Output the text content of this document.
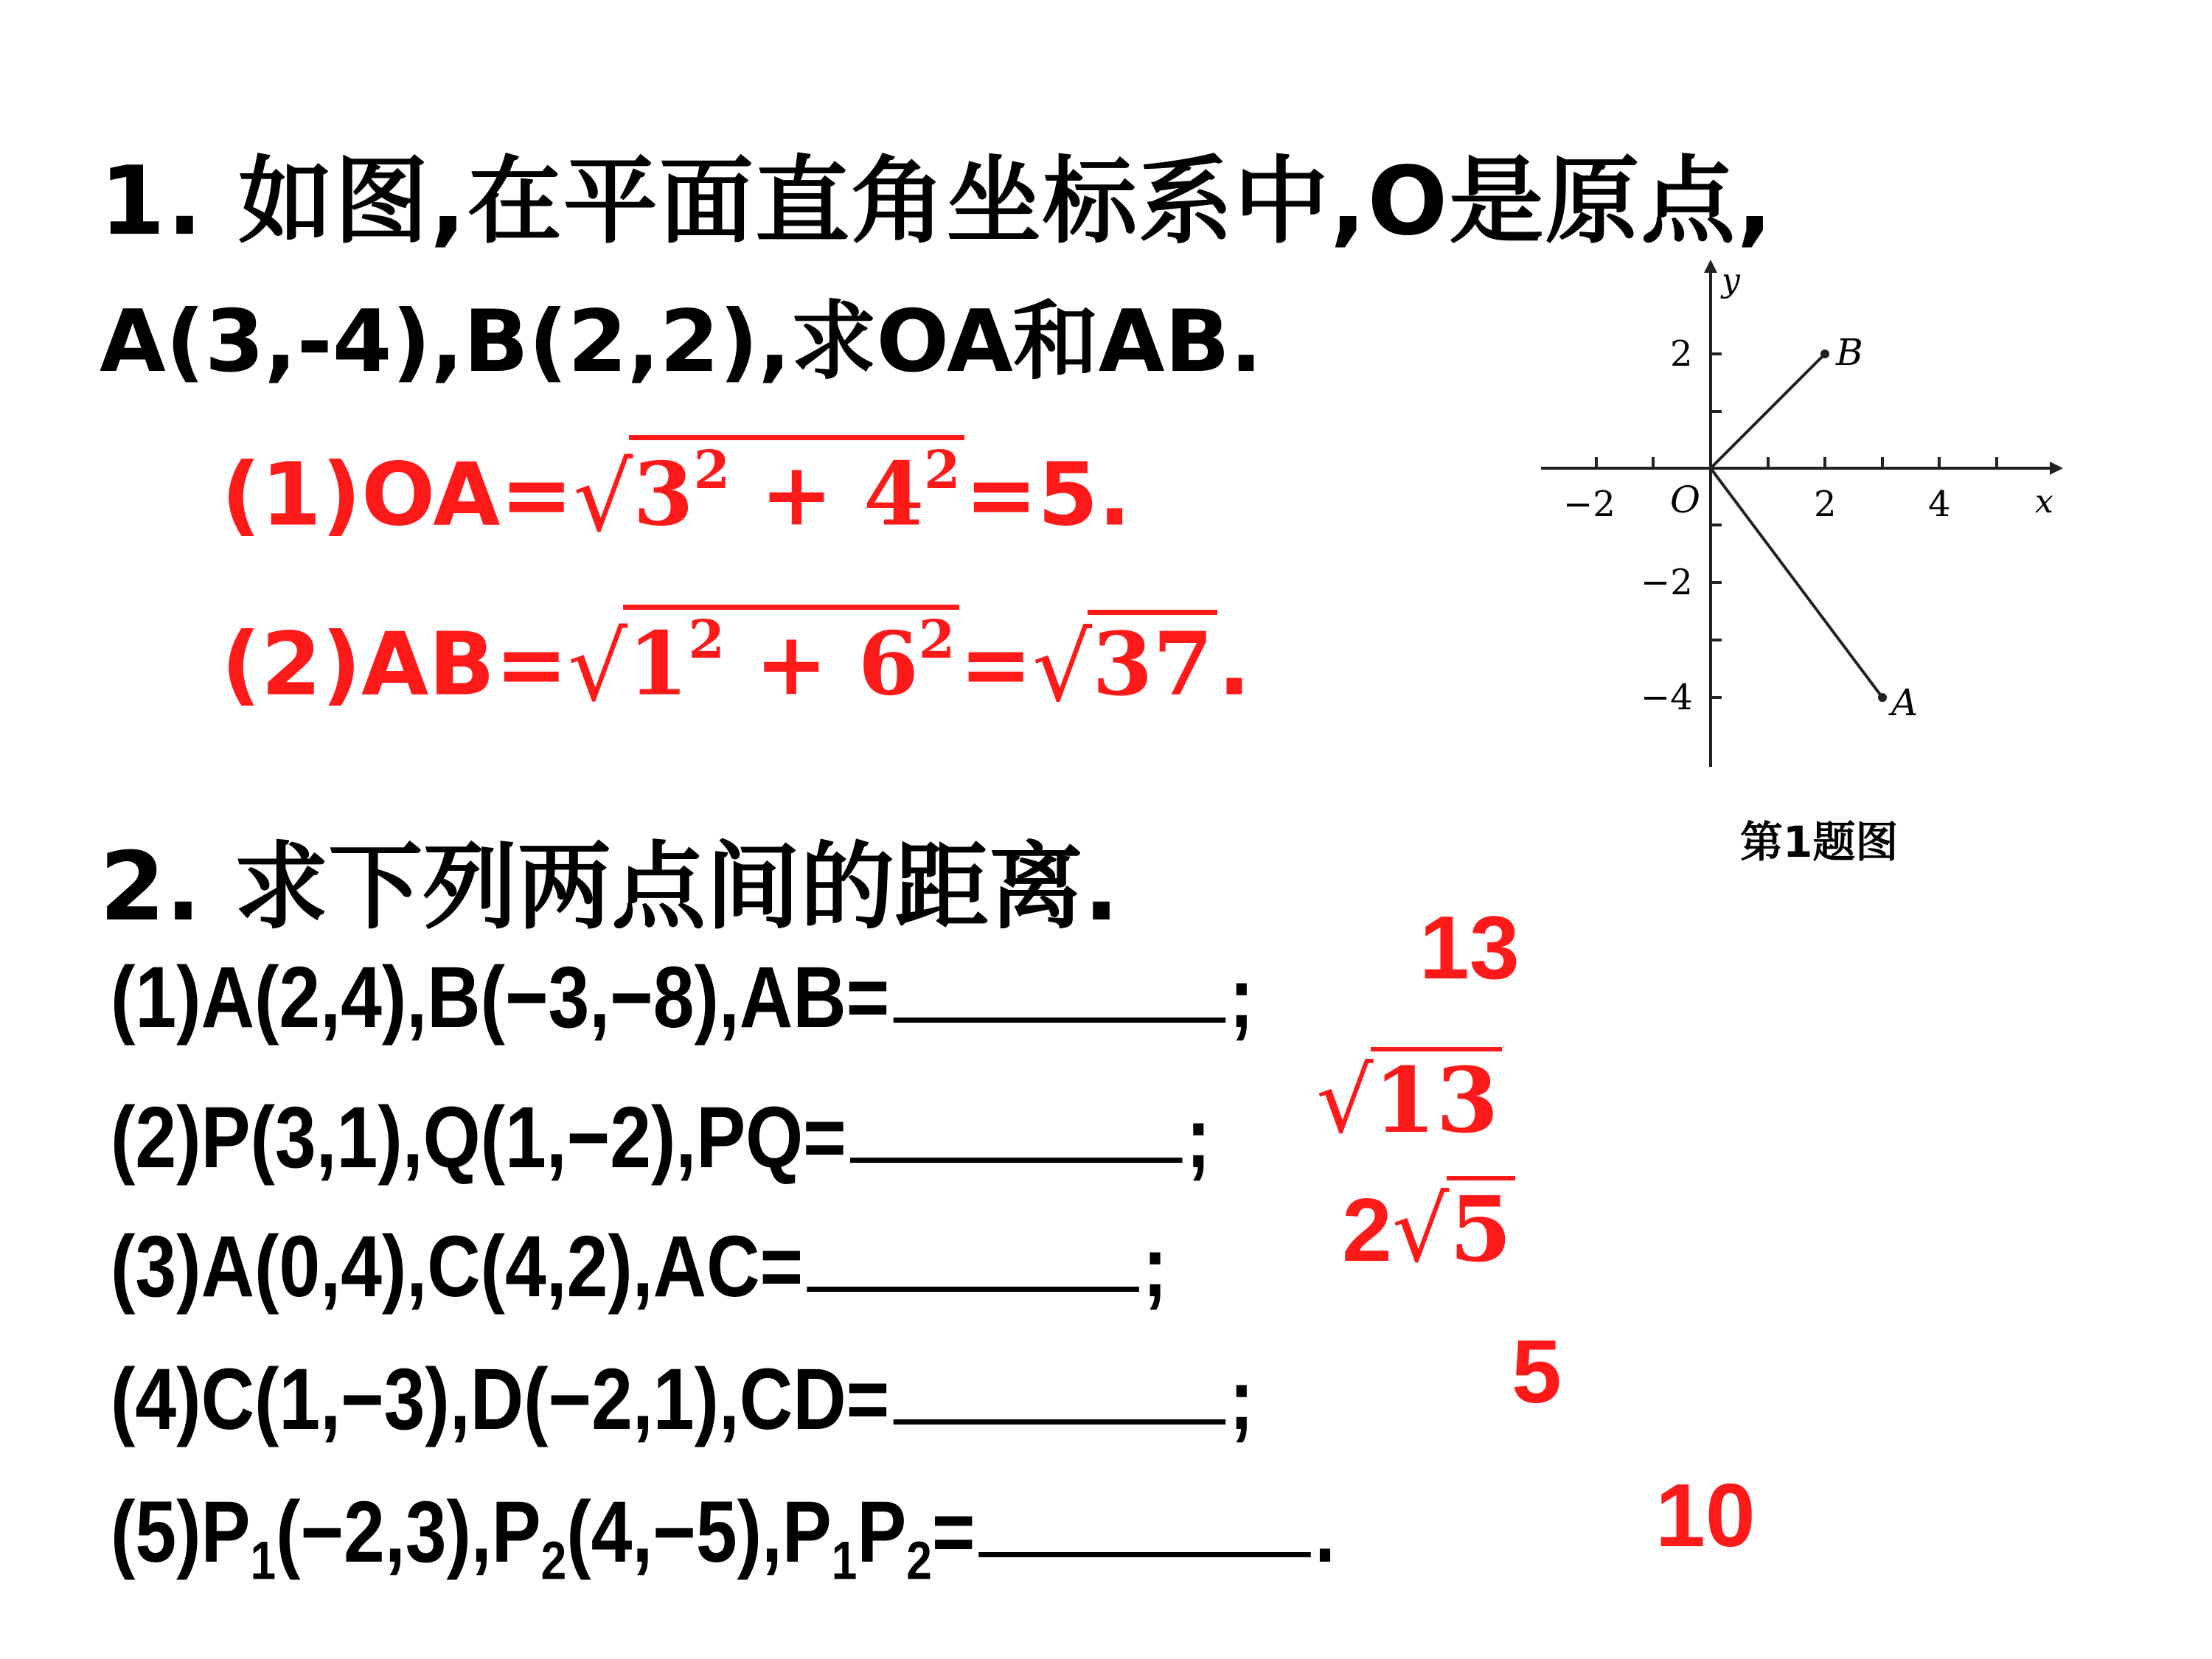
1. 如图,在平面直角坐标系中,O是原点,
A(3,-4),B(2,2),求OA和AB.
$(1)OA=√3^2 + 4^2=5$.
$(2)AB=√1^2 + 6^2=√37$.
x
y
O
−2	2	4
2
−2
−4
B
A
第1题图
2. 求下列两点间的距离.
(1)A(2,4),B(−3,−8),AB=	; 13
(2)P(3,1),Q(1,−2),PQ=	; √13
(3)A(0,4),C(4,2),AC=	; 2√5
(4)C(1,−3),D(−2,1),CD=	;	5
$(5)P_1(-2,3),P_2(4,-5),P_1P_2=$	.	10
